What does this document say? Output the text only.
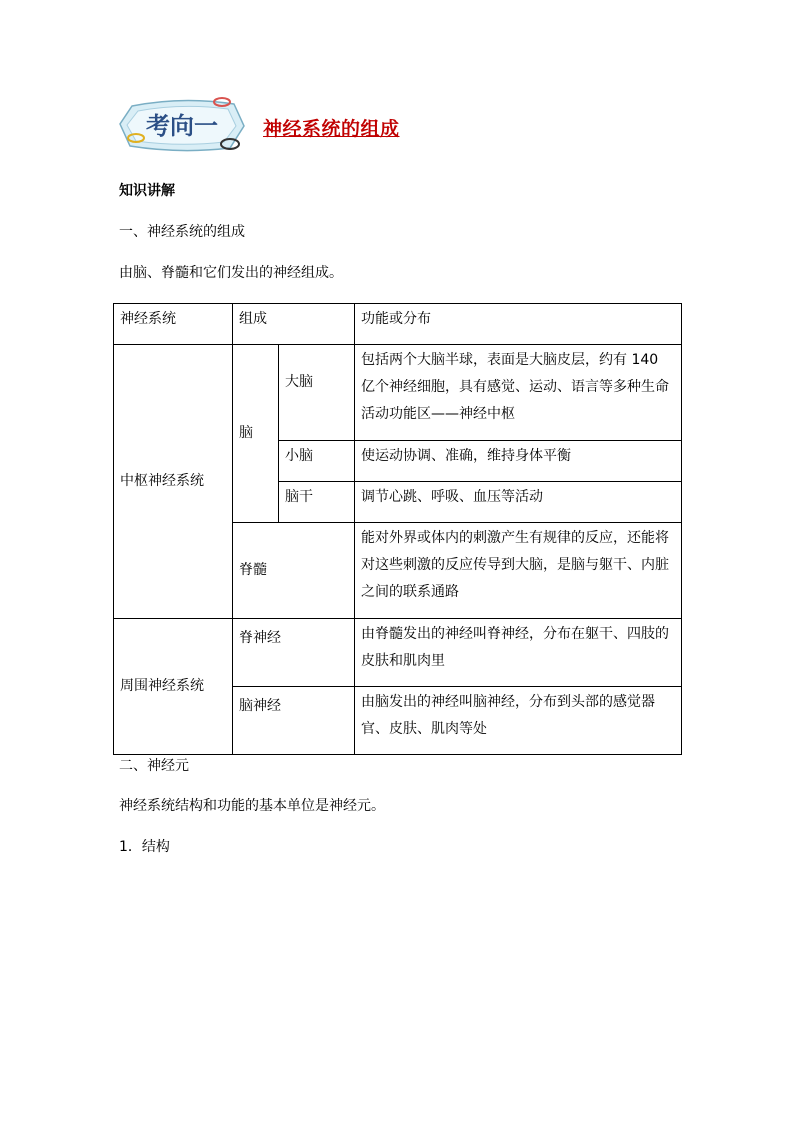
考向一 神经系统的组成
知识讲解
一、神经系统的组成
由脑、脊髓和它们发出的神经组成。
神经系统	组成		功能或分布
中枢神经系统	脑	大脑	包括两个大脑半球，表面是大脑皮层，约有 140 亿个神经细胞，具有感觉、运动、语言等多种生命活动功能区——神经中枢
		小脑	使运动协调、准确，维持身体平衡
		脑干	调节心跳、呼吸、血压等活动
	脊髓		能对外界或体内的刺激产生有规律的反应，还能将对这些刺激的反应传导到大脑，是脑与躯干、内脏之间的联系通路
周围神经系统	脊神经		由脊髓发出的神经叫脊神经，分布在躯干、四肢的皮肤和肌肉里
	脑神经		由脑发出的神经叫脑神经，分布到头部的感觉器官、皮肤、肌肉等处
二、神经元
神经系统结构和功能的基本单位是神经元。
1．结构
